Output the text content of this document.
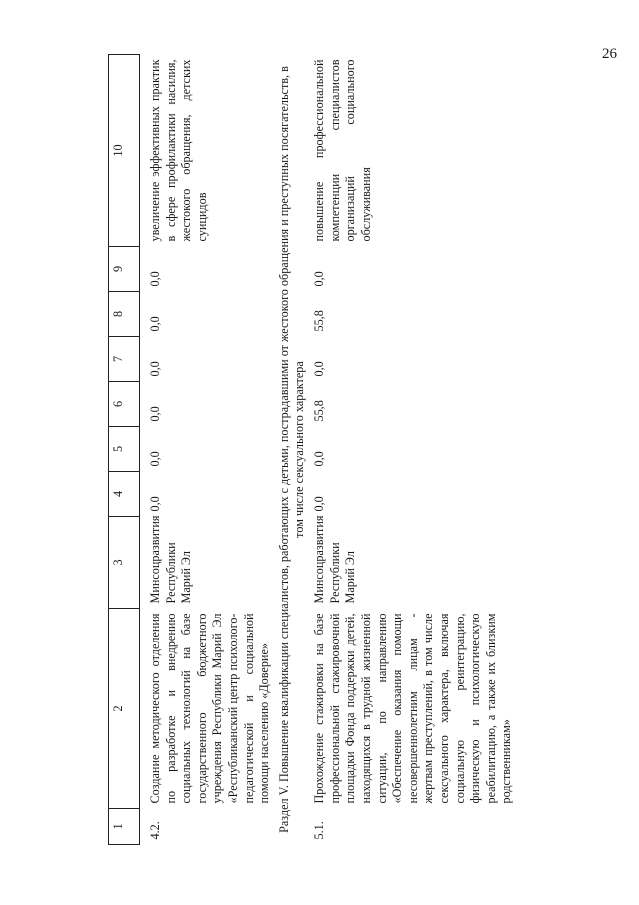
26
1	2	3	4	5	6	7	8	9	10

4.2.	Создание методического отделения по разработке и внедрению социальных технологий на базе государственного бюджетного учреждения Республики Марий Эл «Республиканский центр психолого-педагогической и социальной помощи населению «Доверие»	Минсоцразвития Республики Марий Эл	0,0	0,0	0,0	0,0	0,0	0,0	увеличение эффективных практик в сфере профилактики насилия, жестокого обращения, детских суицидов
Раздел V. Повышение квалификации специалистов, работающих с детьми, пострадавшими от жестокого обращения и преступных посягательств, в том числе сексуального характера									
5.1.	Прохождение стажировки на базе профессиональной стажировочной площадки Фонда поддержки детей, находящихся в трудной жизненной ситуации, по направлению «Обеспечение оказания помощи несовершеннолетним лицам - жертвам преступлений, в том числе сексуального характера, включая социальную реинтеграцию, физическую и психологическую реабилитацию, а также их близким родственникам»	Минсоцразвития Республики Марий Эл	0,0	0,0	55,8	0,0	55,8	0,0	повышение профессиональной компетенции специалистов организаций социального обслуживания
